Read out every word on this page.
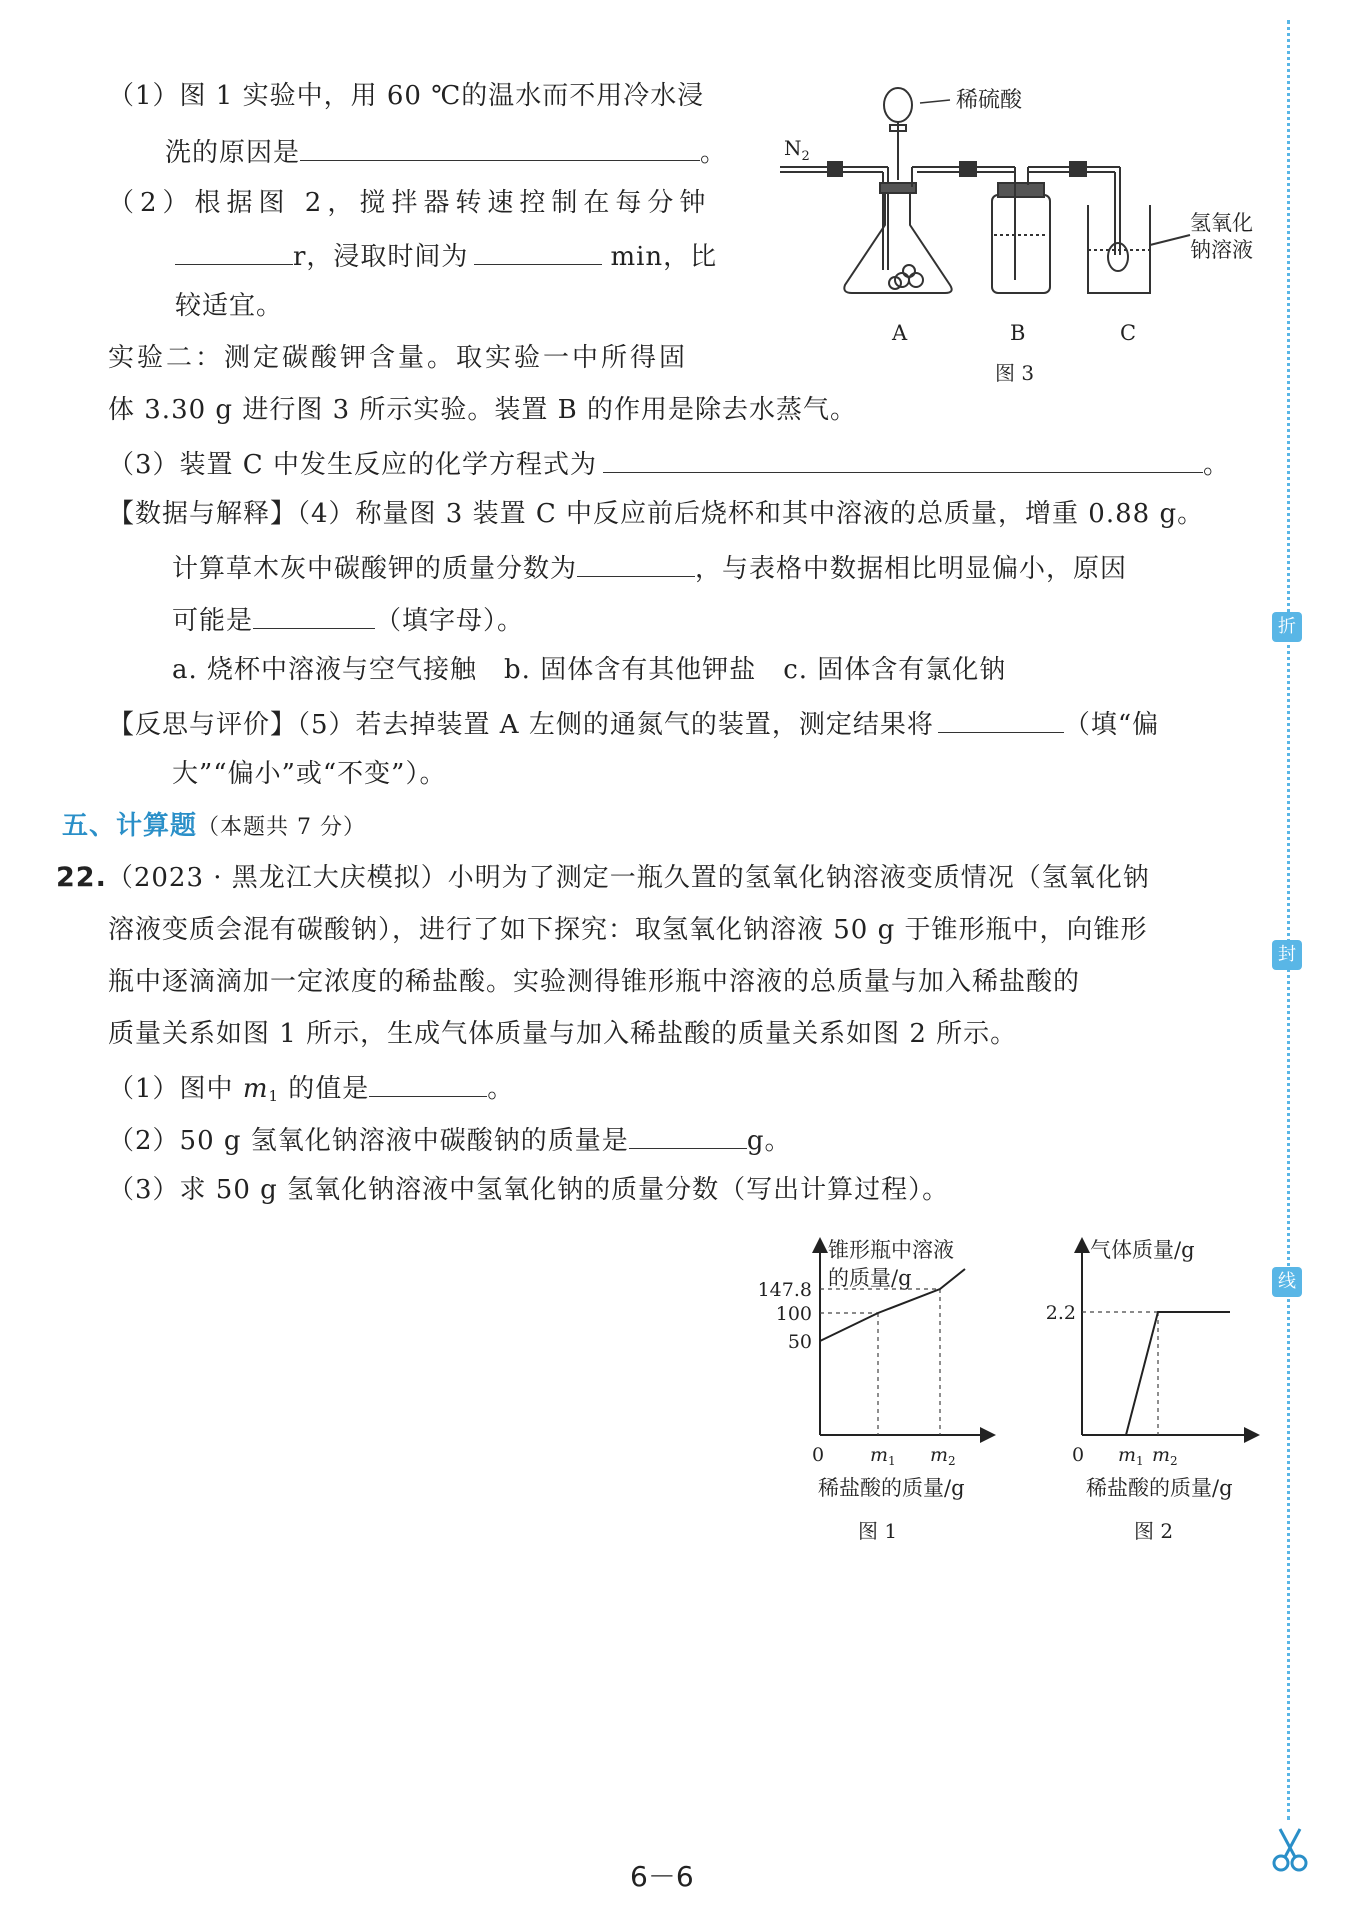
折
封
线
（1）图 1 实验中，用 60 ℃的温水而不用冷水浸
洗的原因是	。
（2）根据图 2，搅拌器转速控制在每分钟
r，浸取时间为	min，比
较适宜。
实验二：测定碳酸钾含量。取实验一中所得固
体 3.30 g 进行图 3 所示实验。装置 B 的作用是除去水蒸气。
（3）装置 C 中发生反应的化学方程式为	。
【数据与解释】（4）称量图 3 装置 C 中反应前后烧杯和其中溶液的总质量，增重 0.88 g。
计算草木灰中碳酸钾的质量分数为	，与表格中数据相比明显偏小，原因
可能是	（填字母）。
a. 烧杯中溶液与空气接触　b. 固体含有其他钾盐　c. 固体含有氯化钠
【反思与评价】（5）若去掉装置 A 左侧的通氮气的装置，测定结果将	（填“偏
大”“偏小”或“不变”）。
五、计算题（本题共 7 分）
22.（2023 · 黑龙江大庆模拟）小明为了测定一瓶久置的氢氧化钠溶液变质情况（氢氧化钠
溶液变质会混有碳酸钠），进行了如下探究：取氢氧化钠溶液 50 g 于锥形瓶中，向锥形
瓶中逐滴滴加一定浓度的稀盐酸。实验测得锥形瓶中溶液的总质量与加入稀盐酸的
质量关系如图 1 所示，生成气体质量与加入稀盐酸的质量关系如图 2 所示。
（1）图中 $m_1$ 的值是	。
（2）50 g 氢氧化钠溶液中碳酸钠的质量是	g。
（3）求 50 g 氢氧化钠溶液中氢氧化钠的质量分数（写出计算过程）。
稀硫酸
$N_2$
氢氧化
钠溶液
A	B	C
图 3
锥形瓶中溶液
的质量/g
147.8
100
50
0 $m_1$ $m_2$
稀盐酸的质量/g
图 1
气体质量/g
2.2
0 $m_1$ $m_2$
稀盐酸的质量/g
图 2
6－6
